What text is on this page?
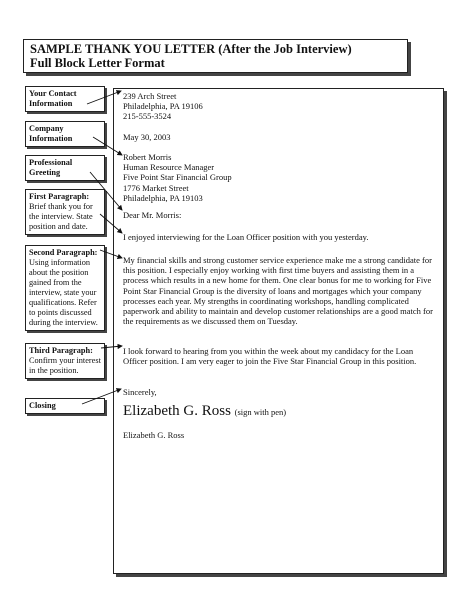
SAMPLE THANK YOU LETTER (After the Job Interview)
Full Block Letter Format
Your Contact Information
Company Information
Professional Greeting
First Paragraph:
Brief thank you for the interview. State position and date.
Second Paragraph:
Using information about the position gained from the interview, state your qualifications. Refer to points discussed during the interview.
Third Paragraph:
Confirm your interest in the position.
Closing
239 Arch Street
Philadelphia, PA 19106
215-555-3524
May 30, 2003
Robert Morris
Human Resource Manager
Five Point Star Financial Group
1776 Market Street
Philadelphia, PA 19103
Dear Mr. Morris:
I enjoyed interviewing for the Loan Officer position with you yesterday.
My financial skills and strong customer service experience make me a strong candidate for this position. I especially enjoy working with first time buyers and assisting them in a process which results in a new home for them. One clear bonus for me to working for Five Point Star Financial Group is the diversity of loans and mortgages which your company processes each year. My strengths in coordinating workshops, handling complicated paperwork and ability to maintain and develop customer relationships are a good match for the requirements as we discussed them on Tuesday.
I look forward to hearing from you within the week about my candidacy for the Loan Officer position. I am very eager to join the Five Star Financial Group in this position.
Sincerely,
Elizabeth G. Ross (sign with pen)
Elizabeth G. Ross
